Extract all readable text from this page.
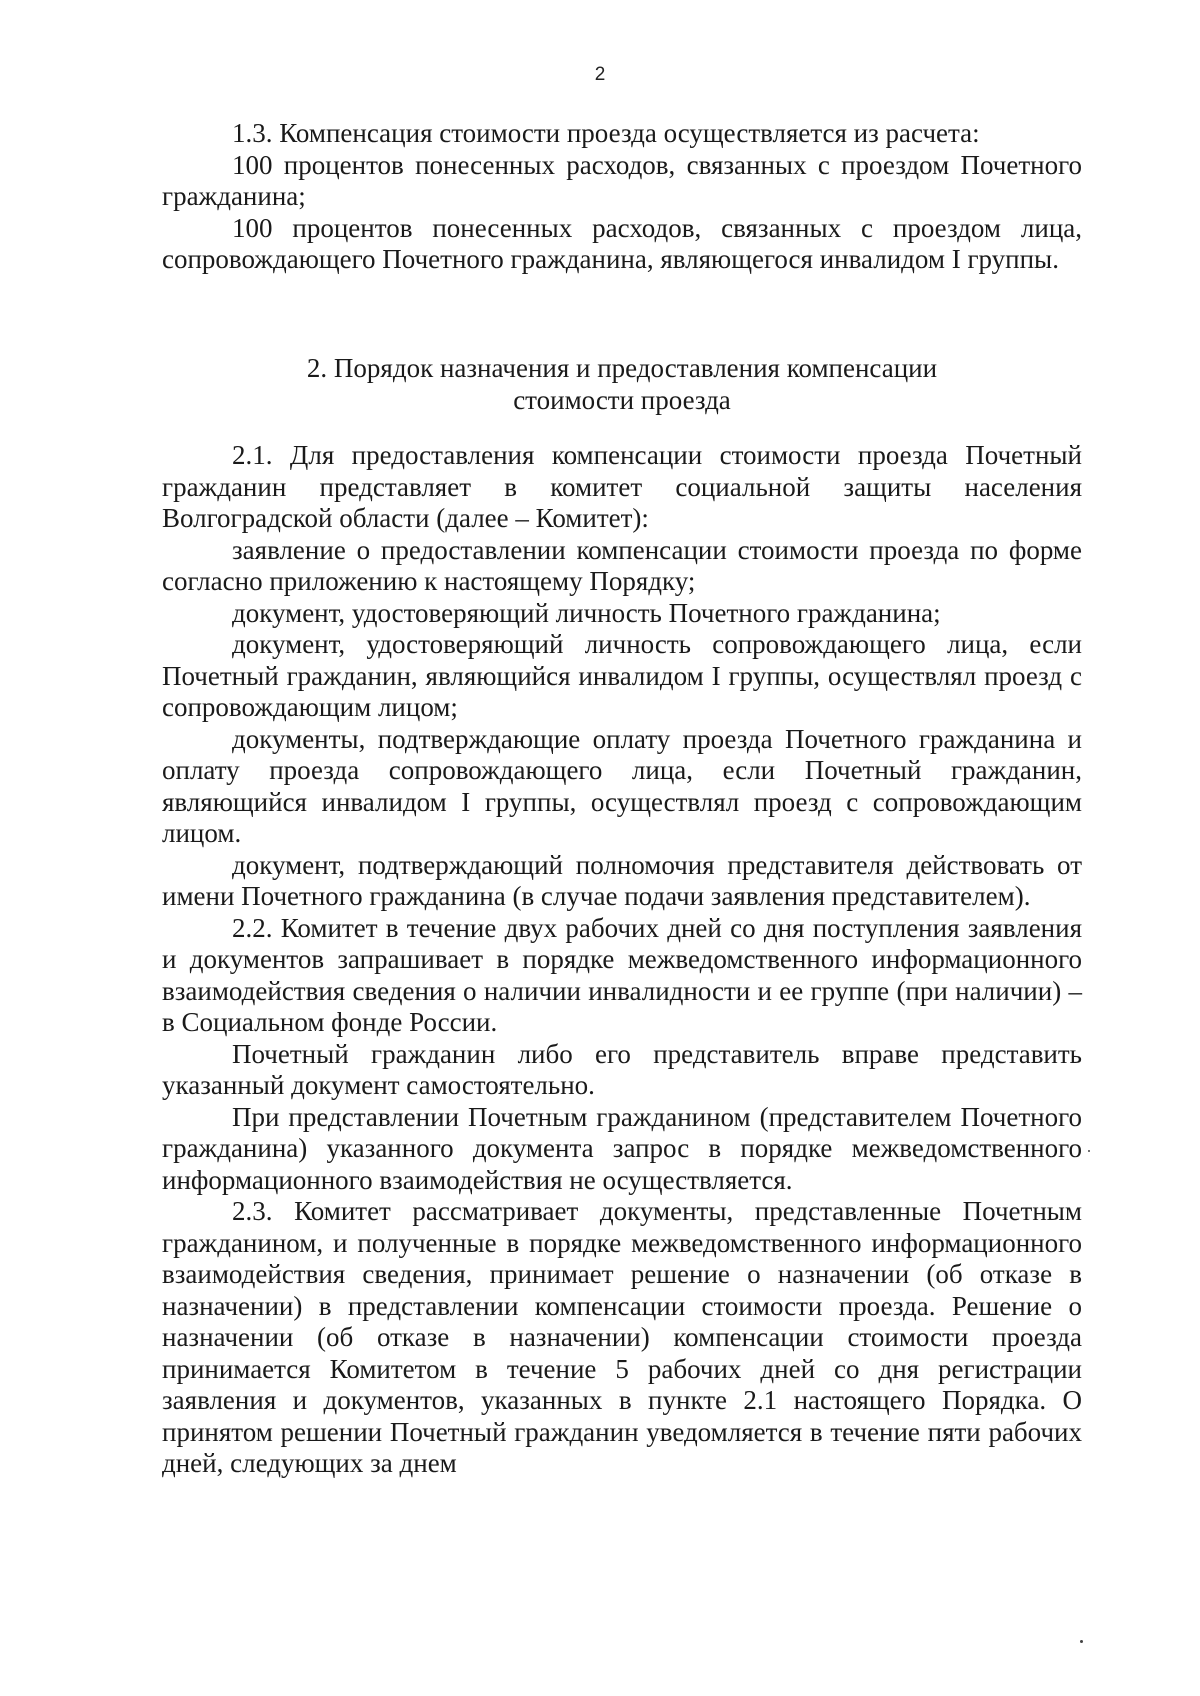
2

1.3. Компенсация стоимости проезда осуществляется из расчета:

100 процентов понесенных расходов, связанных с проездом Почетного гражданина;

100 процентов понесенных расходов, связанных с проездом лица, сопровождающего Почетного гражданина, являющегося инвалидом I группы.

2. Порядок назначения и предоставления компенсации
стоимости проезда

2.1. Для предоставления компенсации стоимости проезда Почетный гражданин представляет в комитет социальной защиты населения Волгоградской области (далее – Комитет):

заявление о предоставлении компенсации стоимости проезда по форме согласно приложению к настоящему Порядку;

документ, удостоверяющий личность Почетного гражданина;

документ, удостоверяющий личность сопровождающего лица, если Почетный гражданин, являющийся инвалидом I группы, осуществлял проезд с сопровождающим лицом;

документы, подтверждающие оплату проезда Почетного гражданина и оплату проезда сопровождающего лица, если Почетный гражданин, являющийся инвалидом I группы, осуществлял проезд с сопровождающим лицом.

документ, подтверждающий полномочия представителя действовать от имени Почетного гражданина (в случае подачи заявления представителем).

2.2. Комитет в течение двух рабочих дней со дня поступления заявления и документов запрашивает в порядке межведомственного информационного взаимодействия сведения о наличии инвалидности и ее группе (при наличии) – в Социальном фонде России.

Почетный гражданин либо его представитель вправе представить указанный документ самостоятельно.

При представлении Почетным гражданином (представителем Почетного гражданина) указанного документа запрос в порядке межведомственного информационного взаимодействия не осуществляется.

2.3. Комитет рассматривает документы, представленные Почетным гражданином, и полученные в порядке межведомственного информационного взаимодействия сведения, принимает решение о назначении (об отказе в назначении) в представлении компенсации стоимости проезда. Решение о назначении (об отказе в назначении) компенсации стоимости проезда принимается Комитетом в течение 5 рабочих дней со дня регистрации заявления и документов, указанных в пункте 2.1 настоящего Порядка. О принятом решении Почетный гражданин уведомляется в течение пяти рабочих дней, следующих за днем
